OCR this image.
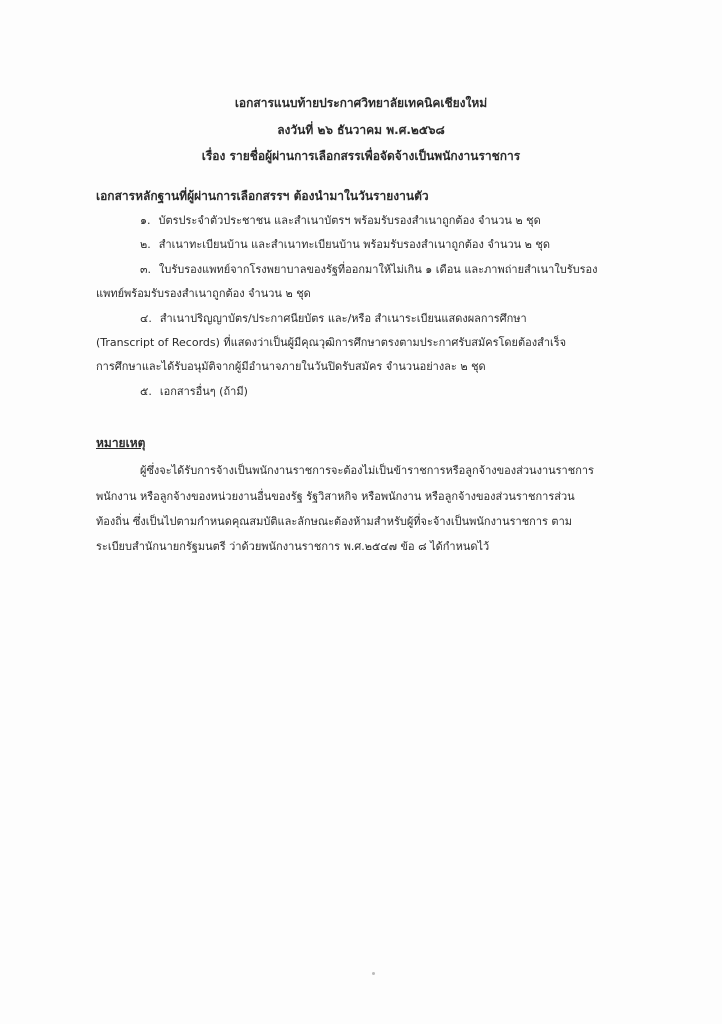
เอกสารแนบท้ายประกาศวิทยาลัยเทคนิคเชียงใหม่
ลงวันที่ ๒๖ ธันวาคม พ.ศ.๒๕๖๘
เรื่อง รายชื่อผู้ผ่านการเลือกสรรเพื่อจัดจ้างเป็นพนักงานราชการ
เอกสารหลักฐานที่ผู้ผ่านการเลือกสรรฯ ต้องนำมาในวันรายงานตัว
๑. บัตรประจำตัวประชาชน และสำเนาบัตรฯ พร้อมรับรองสำเนาถูกต้อง จำนวน ๒ ชุด
๒. สำเนาทะเบียนบ้าน และสำเนาทะเบียนบ้าน พร้อมรับรองสำเนาถูกต้อง จำนวน ๒ ชุด
๓. ใบรับรองแพทย์จากโรงพยาบาลของรัฐที่ออกมาให้ไม่เกิน ๑ เดือน และภาพถ่ายสำเนาใบรับรอง
แพทย์พร้อมรับรองสำเนาถูกต้อง จำนวน ๒ ชุด
๔. สำเนาปริญญาบัตร/ประกาศนียบัตร และ/หรือ สำเนาระเบียนแสดงผลการศึกษา
(Transcript of Records) ที่แสดงว่าเป็นผู้มีคุณวุฒิการศึกษาตรงตามประกาศรับสมัครโดยต้องสำเร็จ
การศึกษาและได้รับอนุมัติจากผู้มีอำนาจภายในวันปิดรับสมัคร จำนวนอย่างละ ๒ ชุด
๕. เอกสารอื่นๆ (ถ้ามี)
หมายเหตุ
ผู้ซึ่งจะได้รับการจ้างเป็นพนักงานราชการจะต้องไม่เป็นข้าราชการหรือลูกจ้างของส่วนงานราชการ
พนักงาน หรือลูกจ้างของหน่วยงานอื่นของรัฐ รัฐวิสาหกิจ หรือพนักงาน หรือลูกจ้างของส่วนราชการส่วน
ท้องถิ่น ซึ่งเป็นไปตามกำหนดคุณสมบัติและลักษณะต้องห้ามสำหรับผู้ที่จะจ้างเป็นพนักงานราชการ ตาม
ระเบียบสำนักนายกรัฐมนตรี ว่าด้วยพนักงานราชการ พ.ศ.๒๕๔๗ ข้อ ๘ ได้กำหนดไว้
